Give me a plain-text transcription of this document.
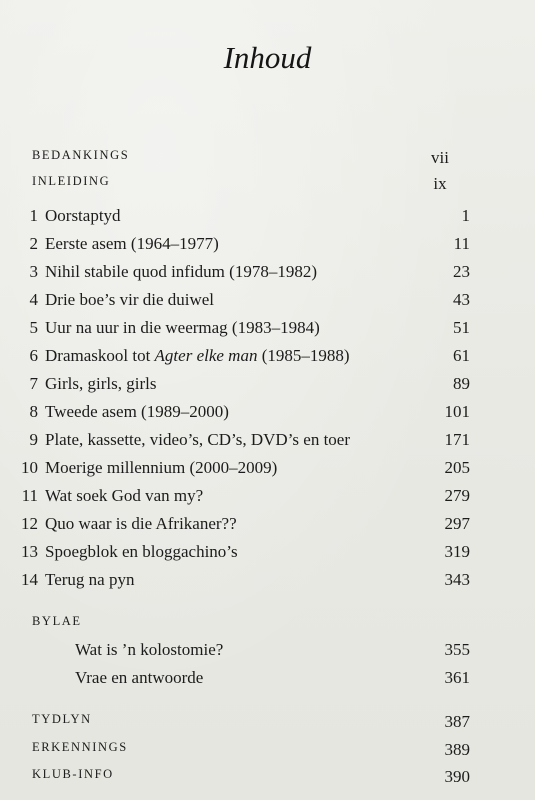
Inhoud
BEDANKINGS	vii
INLEIDING	ix
1 Oorstaptyd	1
2 Eerste asem (1964–1977)	11
3 Nihil stabile quod infidum (1978–1982)	23
4 Drie boe’s vir die duiwel	43
5 Uur na uur in die weermag (1983–1984)	51
6 Dramaskool tot Agter elke man (1985–1988)	61
7 Girls, girls, girls	89
8 Tweede asem (1989–2000)	101
9 Plate, kassette, video’s, CD’s, DVD’s en toer	171
10 Moerige millennium (2000–2009)	205
11 Wat soek God van my?	279
12 Quo waar is die Afrikaner??	297
13 Spoegblok en bloggachino’s	319
14 Terug na pyn	343
BYLAE
Wat is ’n kolostomie?	355
Vrae en antwoorde	361
TYDLYN	387
ERKENNINGS	389
KLUB-INFO	390
